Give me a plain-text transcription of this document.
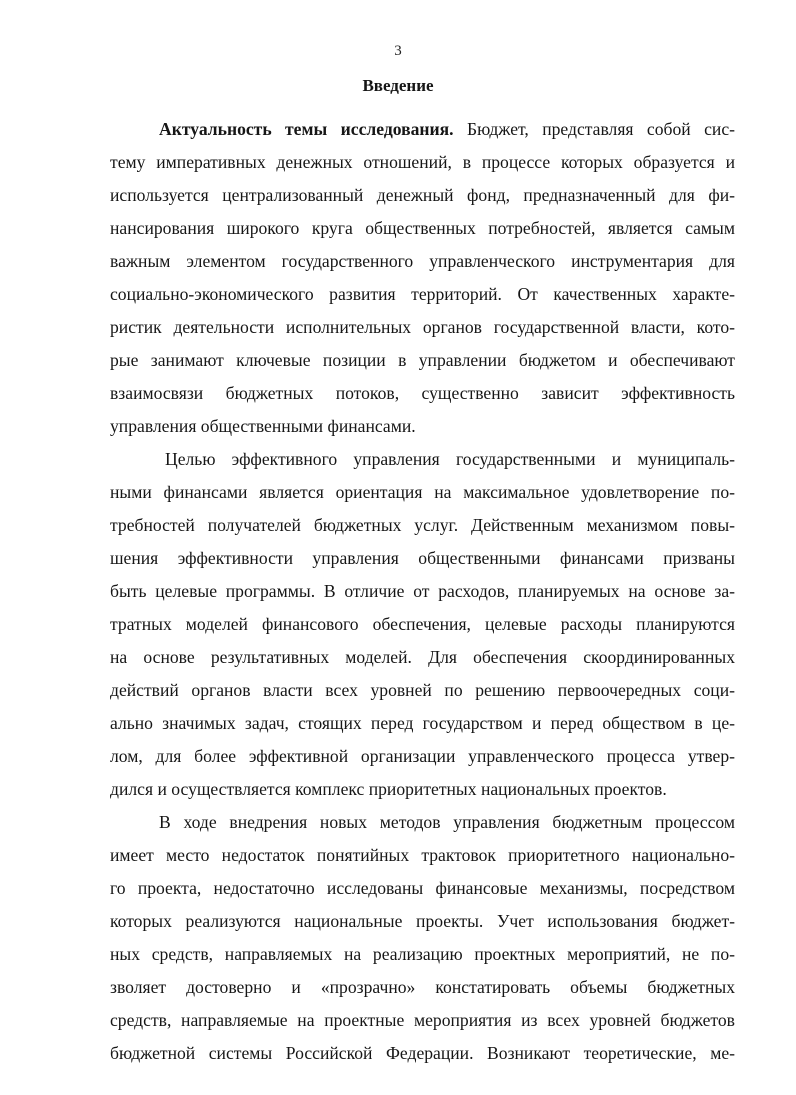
3
Введение
Актуальность темы исследования. Бюджет, представляя собой сис-
тему императивных денежных отношений, в процессе которых образуется и
используется централизованный денежный фонд, предназначенный для фи-
нансирования широкого круга общественных потребностей, является самым
важным элементом государственного управленческого инструментария для
социально-экономического развития территорий. От качественных характе-
ристик деятельности исполнительных органов государственной власти, кото-
рые занимают ключевые позиции в управлении бюджетом и обеспечивают
взаимосвязи бюджетных потоков, существенно зависит эффективность
управления общественными финансами.
Целью эффективного управления государственными и муниципаль-
ными финансами является ориентация на максимальное удовлетворение по-
требностей получателей бюджетных услуг. Действенным механизмом повы-
шения эффективности управления общественными финансами призваны
быть целевые программы. В отличие от расходов, планируемых на основе за-
тратных моделей финансового обеспечения, целевые расходы планируются
на основе результативных моделей. Для обеспечения скоординированных
действий органов власти всех уровней по решению первоочередных соци-
ально значимых задач, стоящих перед государством и перед обществом в це-
лом, для более эффективной организации управленческого процесса утвер-
дился и осуществляется комплекс приоритетных национальных проектов.
В ходе внедрения новых методов управления бюджетным процессом
имеет место недостаток понятийных трактовок приоритетного национально-
го проекта, недостаточно исследованы финансовые механизмы, посредством
которых реализуются национальные проекты. Учет использования бюджет-
ных средств, направляемых на реализацию проектных мероприятий, не по-
зволяет достоверно и «прозрачно» констатировать объемы бюджетных
средств, направляемые на проектные мероприятия из всех уровней бюджетов
бюджетной системы Российской Федерации. Возникают теоретические, ме-
